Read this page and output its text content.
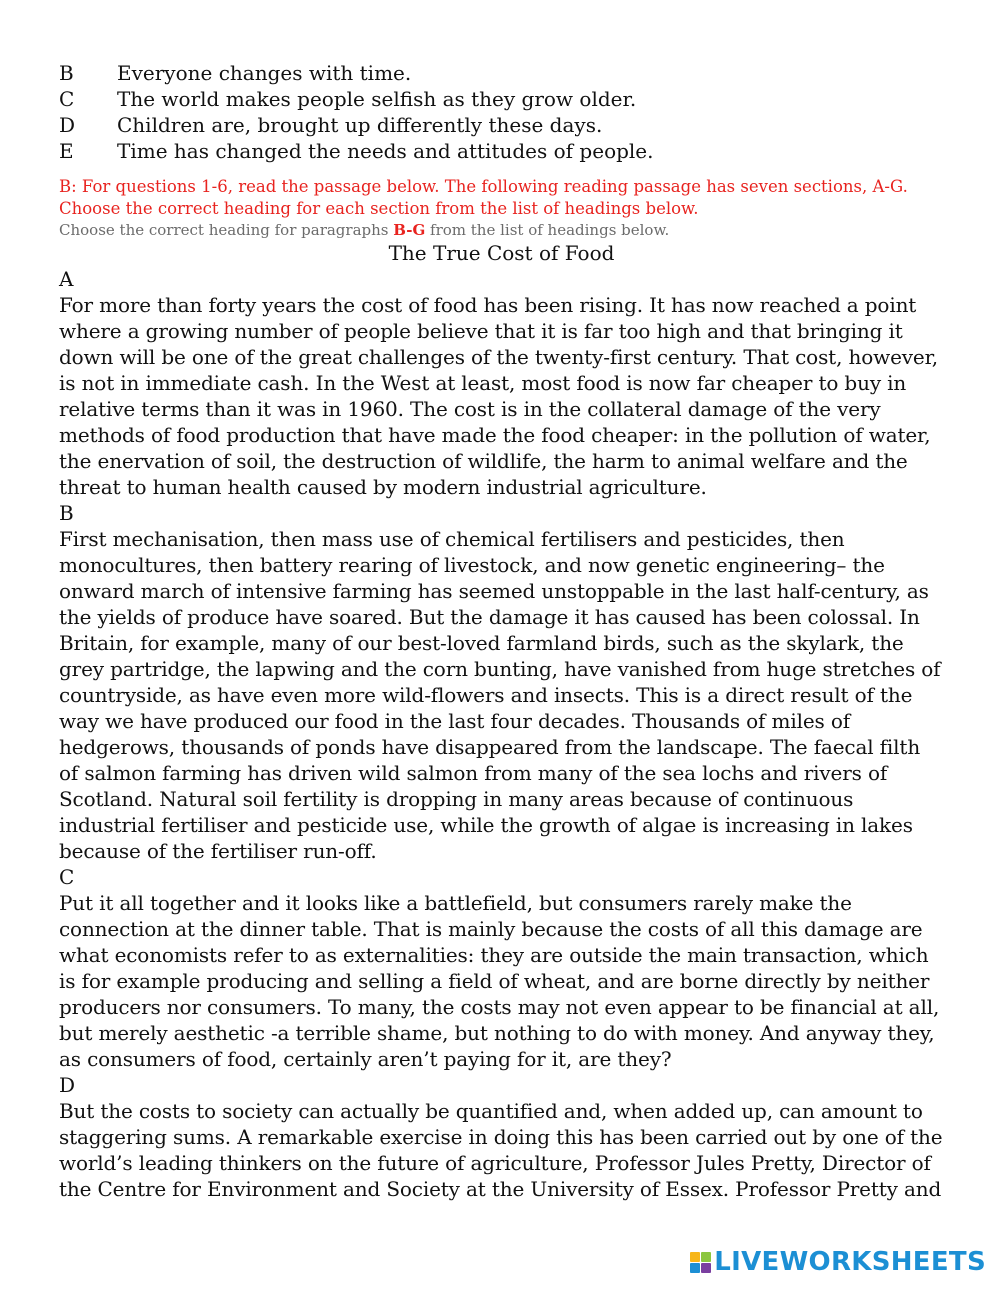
B	Everyone changes with time.
C	The world makes people selfish as they grow older.
D	Children are, brought up differently these days.
E	Time has changed the needs and attitudes of people.
B: For questions 1-6, read the passage below. The following reading passage has seven sections, A-G. Choose the correct heading for each section from the list of headings below.
Choose the correct heading for paragraphs B-G from the list of headings below.
The True Cost of Food
A

For more than forty years the cost of food has been rising. It has now reached a point where a growing number of people believe that it is far too high and that bringing it down will be one of the great challenges of the twenty-first century. That cost, however, is not in immediate cash. In the West at least, most food is now far cheaper to buy in relative terms than it was in 1960. The cost is in the collateral damage of the very methods of food production that have made the food cheaper: in the pollution of water, the enervation of soil, the destruction of wildlife, the harm to animal welfare and the threat to human health caused by modern industrial agriculture.

B

First mechanisation, then mass use of chemical fertilisers and pesticides, then monocultures, then battery rearing of livestock, and now genetic engineering– the onward march of intensive farming has seemed unstoppable in the last half-century, as the yields of produce have soared. But the damage it has caused has been colossal. In Britain, for example, many of our best-loved farmland birds, such as the skylark, the grey partridge, the lapwing and the corn bunting, have vanished from huge stretches of countryside, as have even more wild-flowers and insects. This is a direct result of the way we have produced our food in the last four decades. Thousands of miles of hedgerows, thousands of ponds have disappeared from the landscape. The faecal filth of salmon farming has driven wild salmon from many of the sea lochs and rivers of Scotland. Natural soil fertility is dropping in many areas because of continuous industrial fertiliser and pesticide use, while the growth of algae is increasing in lakes because of the fertiliser run-off.

C

Put it all together and it looks like a battlefield, but consumers rarely make the connection at the dinner table. That is mainly because the costs of all this damage are what economists refer to as externalities: they are outside the main transaction, which is for example producing and selling a field of wheat, and are borne directly by neither producers nor consumers. To many, the costs may not even appear to be financial at all, but merely aesthetic -a terrible shame, but nothing to do with money. And anyway they, as consumers of food, certainly aren’t paying for it, are they?

D

But the costs to society can actually be quantified and, when added up, can amount to staggering sums. A remarkable exercise in doing this has been carried out by one of the world’s leading thinkers on the future of agriculture, Professor Jules Pretty, Director of the Centre for Environment and Society at the University of Essex. Professor Pretty and

LIVEWORKSHEETS
